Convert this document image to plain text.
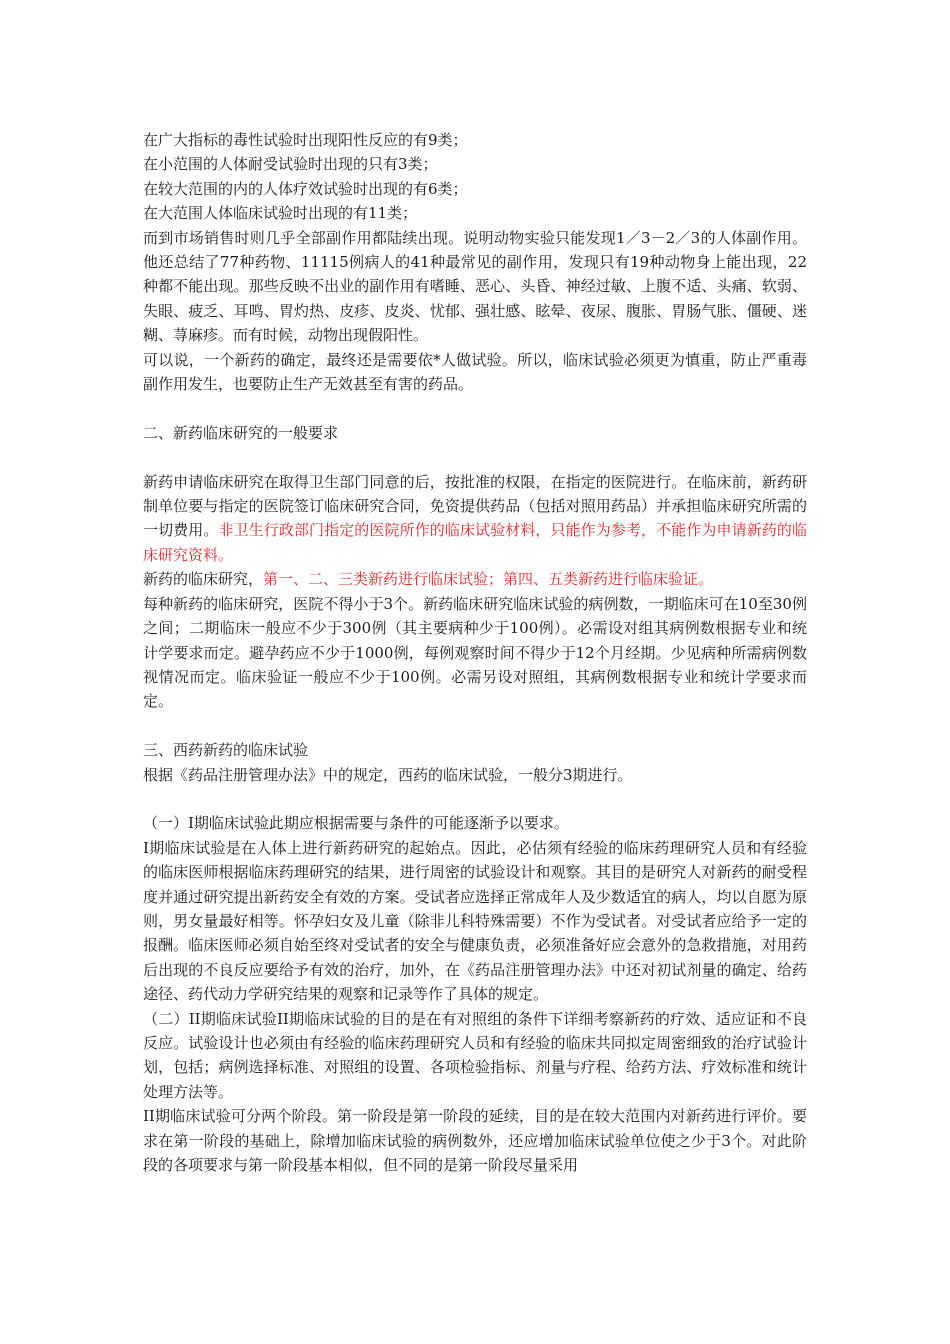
在广大指标的毒性试验时出现阳性反应的有9类；

在小范围的人体耐受试验时出现的只有3类；

在较大范围的内的人体疗效试验时出现的有6类；

在大范围人体临床试验时出现的有11类；

而到市场销售时则几乎全部副作用都陆续出现。说明动物实验只能发现1／3－2／3的人体副作用。他还总结了77种药物、11115例病人的41种最常见的副作用，发现只有19种动物身上能出现，22种都不能出现。那些反映不出业的副作用有嗜睡、恶心、头昏、神经过敏、上腹不适、头痛、软弱、失眼、疲乏、耳鸣、胃灼热、皮疹、皮炎、忧郁、强壮感、眩晕、夜尿、腹胀、胃肠气胀、僵硬、迷糊、荨麻疹。而有时候，动物出现假阳性。

可以说，一个新药的确定，最终还是需要依*人做试验。所以，临床试验必须更为慎重，防止严重毒副作用发生，也要防止生产无效甚至有害的药品。

二、新药临床研究的一般要求

新药申请临床研究在取得卫生部门同意的后，按批准的权限，在指定的医院进行。在临床前，新药研制单位要与指定的医院签订临床研究合同，免资提供药品（包括对照用药品）并承担临床研究所需的一切费用。非卫生行政部门指定的医院所作的临床试验材料，只能作为参考，不能作为申请新药的临床研究资料。

新药的临床研究，第一、二、三类新药进行临床试验；第四、五类新药进行临床验证。

每种新药的临床研究，医院不得小于3个。新药临床研究临床试验的病例数，一期临床可在10至30例之间；二期临床一般应不少于300例（其主要病种少于100例）。必需设对组其病例数根据专业和统计学要求而定。避孕药应不少于1000例，每例观察时间不得少于12个月经期。少见病种所需病例数视情况而定。临床验证一般应不少于100例。必需另设对照组，其病例数根据专业和统计学要求而定。

三、西药新药的临床试验

根据《药品注册管理办法》中的规定，西药的临床试验，一般分3期进行。

（一）I期临床试验此期应根据需要与条件的可能逐渐予以要求。

I期临床试验是在人体上进行新药研究的起始点。因此，必估须有经验的临床药理研究人员和有经验的临床医师根据临床药理研究的结果，进行周密的试验设计和观察。其目的是研究人对新药的耐受程度并通过研究提出新药安全有效的方案。受试者应选择正常成年人及少数适宜的病人，均以自愿为原则，男女量最好相等。怀孕妇女及儿童（除非儿科特殊需要）不作为受试者。对受试者应给予一定的报酬。临床医师必须自始至终对受试者的安全与健康负责，必须准备好应会意外的急救措施，对用药后出现的不良反应要给予有效的治疗，加外，在《药品注册管理办法》中还对初试剂量的确定、给药途径、药代动力学研究结果的观察和记录等作了具体的规定。

（二）II期临床试验II期临床试验的目的是在有对照组的条件下详细考察新药的疗效、适应证和不良反应。试验设计也必须由有经验的临床药理研究人员和有经验的临床共同拟定周密细致的治疗试验计划，包括；病例选择标准、对照组的设置、各项检验指标、剂量与疗程、给药方法、疗效标准和统计处理方法等。

II期临床试验可分两个阶段。第一阶段是第一阶段的延续，目的是在较大范围内对新药进行评价。要求在第一阶段的基础上，除增加临床试验的病例数外，还应增加临床试验单位使之少于3个。对此阶段的各项要求与第一阶段基本相似，但不同的是第一阶段尽量采用
